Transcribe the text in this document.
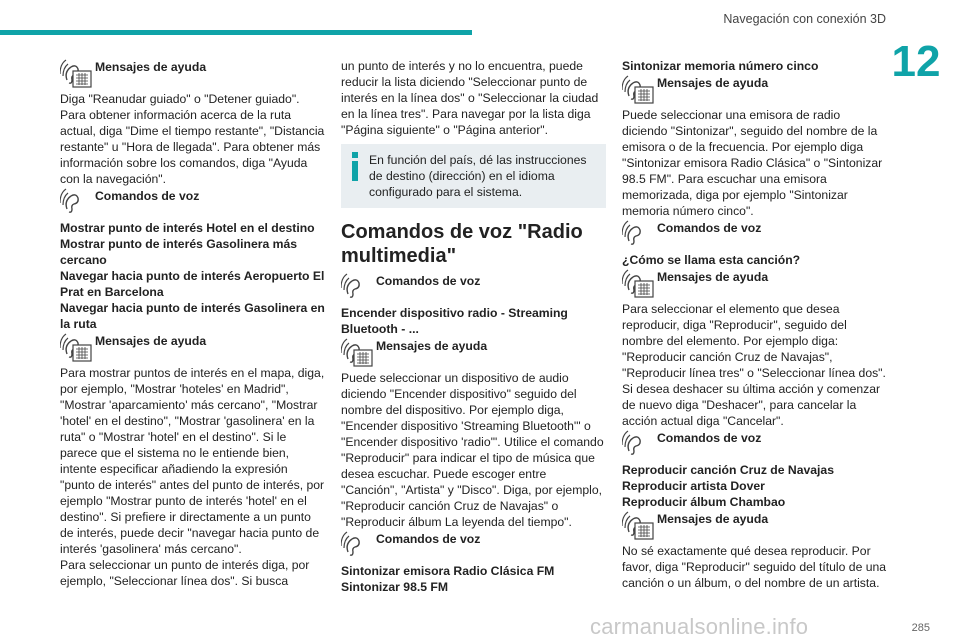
Navegación con conexión 3D
12
Mensajes de ayuda

Diga "Reanudar guiado" o "Detener guiado". Para obtener información acerca de la ruta actual, diga "Dime el tiempo restante", "Distancia restante" u "Hora de llegada". Para obtener más información sobre los comandos, diga "Ayuda con la navegación".

Comandos de voz

Mostrar punto de interés Hotel en el destino

Mostrar punto de interés Gasolinera más cercano

Navegar hacia punto de interés Aeropuerto El Prat en Barcelona

Navegar hacia punto de interés Gasolinera en la ruta

Mensajes de ayuda

Para mostrar puntos de interés en el mapa, diga, por ejemplo, "Mostrar 'hoteles' en Madrid", "Mostrar 'aparcamiento' más cercano", "Mostrar 'hotel' en el destino", "Mostrar 'gasolinera' en la ruta" o "Mostrar 'hotel' en el destino". Si le parece que el sistema no le entiende bien, intente especificar añadiendo la expresión "punto de interés" antes del punto de interés, por ejemplo "Mostrar punto de interés 'hotel' en el destino". Si prefiere ir directamente a un punto de interés, puede decir "navegar hacia punto de interés 'gasolinera' más cercano".

Para seleccionar un punto de interés diga, por ejemplo, "Seleccionar línea dos". Si busca

un punto de interés y no lo encuentra, puede reducir la lista diciendo "Seleccionar punto de interés en la línea dos" o "Seleccionar la ciudad en la línea tres". Para navegar por la lista diga "Página siguiente" o "Página anterior".

En función del país, dé las instrucciones de destino (dirección) en el idioma configurado para el sistema.

Comandos de voz "Radio multimedia"

Comandos de voz

Encender dispositivo radio - Streaming Bluetooth - ...

Mensajes de ayuda

Puede seleccionar un dispositivo de audio diciendo "Encender dispositivo" seguido del nombre del dispositivo. Por ejemplo diga, "Encender dispositivo 'Streaming Bluetooth'" o "Encender dispositivo 'radio'". Utilice el comando "Reproducir" para indicar el tipo de música que desea escuchar. Puede escoger entre "Canción", "Artista" y "Disco". Diga, por ejemplo, "Reproducir canción Cruz de Navajas" o "Reproducir álbum La leyenda del tiempo".

Comandos de voz

Sintonizar emisora Radio Clásica FM

Sintonizar 98.5 FM

Sintonizar memoria número cinco

Mensajes de ayuda

Puede seleccionar una emisora de radio diciendo "Sintonizar", seguido del nombre de la emisora o de la frecuencia. Por ejemplo diga "Sintonizar emisora Radio Clásica" o "Sintonizar 98.5 FM". Para escuchar una emisora memorizada, diga por ejemplo "Sintonizar memoria número cinco".

Comandos de voz

¿Cómo se llama esta canción?

Mensajes de ayuda

Para seleccionar el elemento que desea reproducir, diga "Reproducir", seguido del nombre del elemento. Por ejemplo diga: "Reproducir canción Cruz de Navajas", "Reproducir línea tres" o "Seleccionar línea dos". Si desea deshacer su última acción y comenzar de nuevo diga "Deshacer", para cancelar la acción actual diga "Cancelar".

Comandos de voz

Reproducir canción Cruz de Navajas

Reproducir artista Dover

Reproducir álbum Chambao

Mensajes de ayuda

No sé exactamente qué desea reproducir. Por favor, diga "Reproducir" seguido del título de una canción o un álbum, o del nombre de un artista.

carmanualsonline.info	285
